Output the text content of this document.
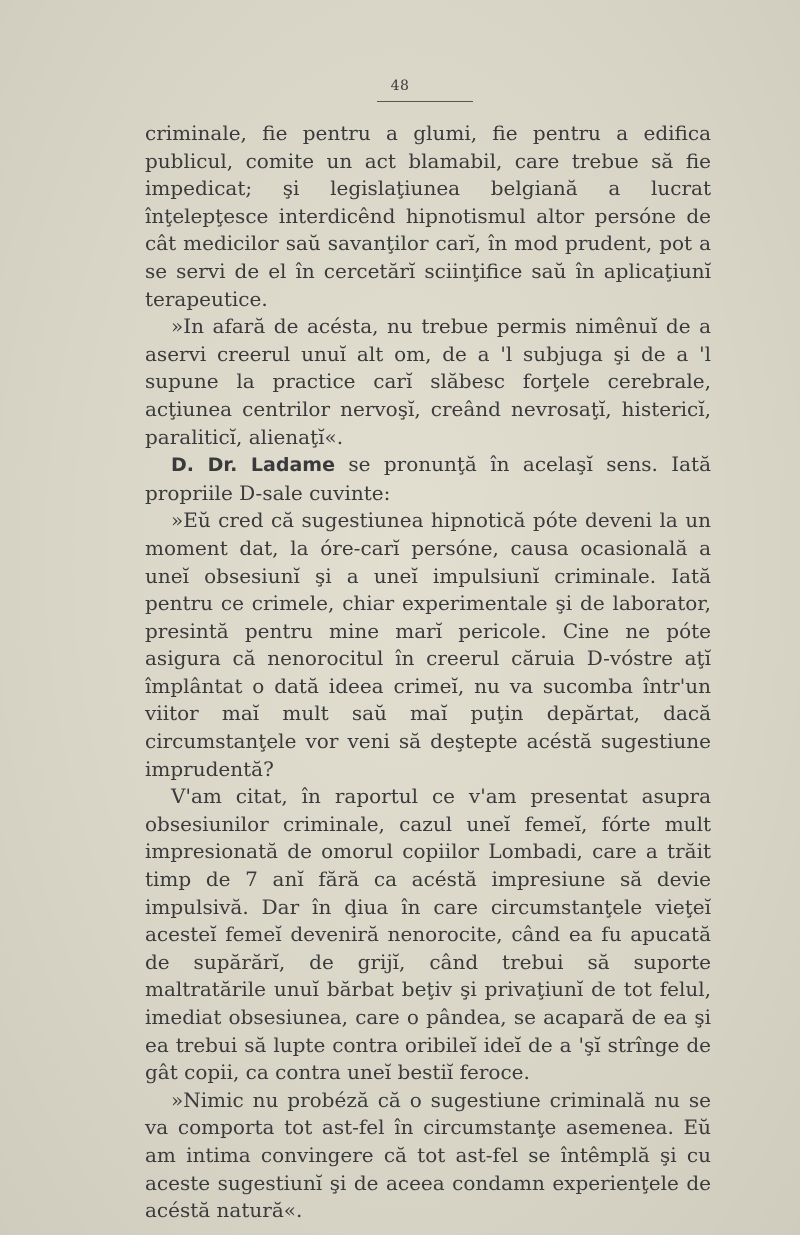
48

criminale, fie pentru a glumi, fie pentru a edifica publicul, comite un act blamabil, care trebue să fie impedicat; şi legislaţiunea belgiană a lucrat înţelepţesce interdicênd hipnotismul altor persóne de cât medicilor saŭ savanţilor carĭ, în mod prudent, pot a se servi de el în cercetărĭ sciinţifice saŭ în aplicaţiunĭ terapeutice.

»In afară de acésta, nu trebue permis nimênuĭ de a aservi creerul unuĭ alt om, de a 'l subjuga şi de a 'l supune la practice carĭ slăbesc forţele cerebrale, acţiunea centrilor nervoşĭ, creând nevrosaţĭ, histericĭ, paraliticĭ, alienaţĭ«.

D. Dr. Ladame se pronunţă în acelaşĭ sens. Iată propriile D-sale cuvinte:

»Eŭ cred că sugestiunea hipnotică póte deveni la un moment dat, la óre-carĭ persóne, causa ocasională a uneĭ obsesiunĭ şi a uneĭ impulsiunĭ criminale. Iată pentru ce crimele, chiar experimentale şi de laborator, presintă pentru mine marĭ pericole. Cine ne póte asigura că nenorocitul în creerul căruia D-vóstre aţĭ împlântat o dată ideea crimeĭ, nu va sucomba într'un viitor maĭ mult saŭ maĭ puţin depărtat, dacă circumstanţele vor veni să deştepte acéstă sugestiune imprudentă?

V'am citat, în raportul ce v'am presentat asupra obsesiunilor criminale, cazul uneĭ femeĭ, fórte mult impresionată de omorul copiilor Lombadi, care a trăit timp de 7 anĭ fără ca acéstă impresiune să devie impulsivă. Dar în ḑiua în care circumstanţele vieţeĭ acesteĭ femeĭ devenіră nenorocite, când ea fu apucată de supărărĭ, de grijĭ, când trebui să suporte maltratările unuĭ bărbat beţiv şi privaţiunĭ de tot felul, imediat obsesiunea, care o pândea, se acapară de ea şi ea trebui să lupte contra oribileĭ ideĭ de a 'şĭ strînge de gât copii, ca contra uneĭ bestiĭ feroce.

»Nimic nu probéză că o sugestiune criminală nu se va comporta tot ast-fel în circumstanţe asemenea. Eŭ am intima convingere că tot ast-fel se întêmplă şi cu aceste sugestiunĭ şi de aceea condamn experienţele de acéstă natură«.
